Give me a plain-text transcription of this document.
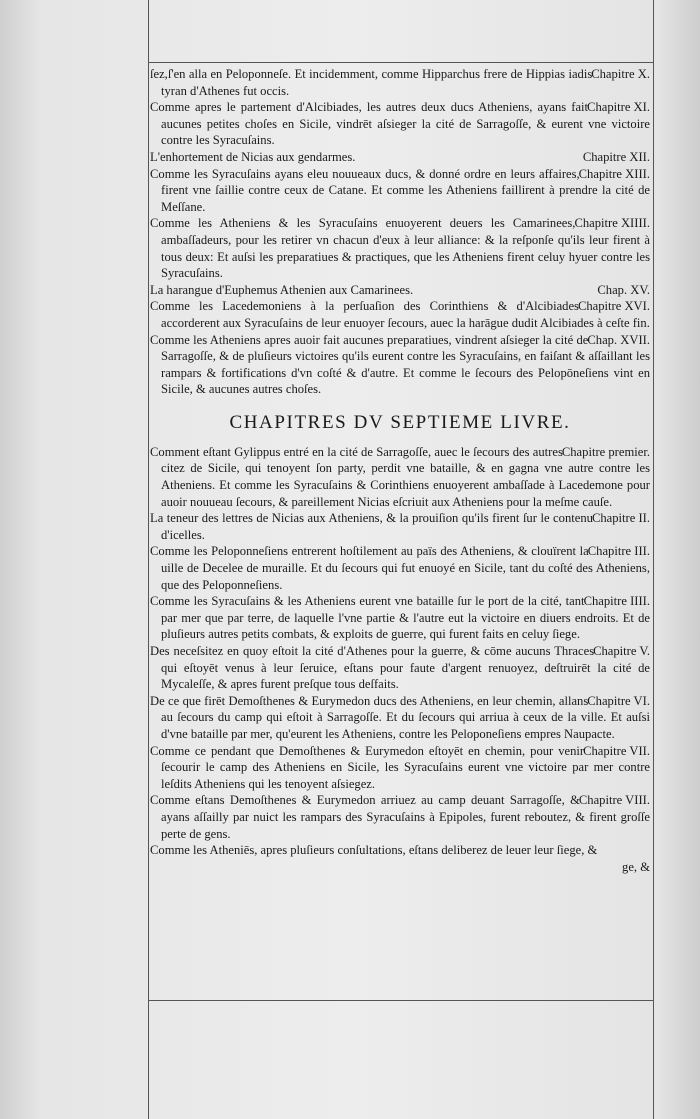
Chapitre X.
ſez,ſ'en alla en Peloponneſe. Et incidemment, comme Hipparchus frere de Hippias iadis tyran d'Athenes fut occis.

Chapitre XI.
Comme apres le partement d'Alcibiades, les autres deux ducs Atheniens, ayans fait aucunes petites choſes en Sicile, vindrēt aſsieger la cité de Sarragoſſe, & eurent vne victoire contre les Syracuſains.

Chapitre XII.
L'enhortement de Nicias aux gendarmes.

Chapitre XIII.
Comme les Syracuſains ayans eleu nouueaux ducs, & donné ordre en leurs affaires, firent vne ſaillie contre ceux de Catane. Et comme les Atheniens faillirent à prendre la cité de Meſſane.

Chapitre XIIII.
Comme les Atheniens & les Syracuſains enuoyerent deuers les Camarinees, ambaſſadeurs, pour les retirer vn chacun d'eux à leur alliance: & la reſponſe qu'ils leur firent à tous deux: Et auſsi les preparatiues & practiques, que les Atheniens firent celuy hyuer contre les Syracuſains.

Chap. XV.
La harangue d'Euphemus Athenien aux Camarinees.

Chapitre XVI.
Comme les Lacedemoniens à la perſuaſion des Corinthiens & d'Alcibiades accorderent aux Syracuſains de leur enuoyer ſecours, auec la harāgue dudit Alcibiades à ceſte fin.

Chap. XVII.
Comme les Atheniens apres auoir fait aucunes preparatiues, vindrent aſsieger la cité de Sarragoſſe, & de pluſieurs victoires qu'ils eurent contre les Syracuſains, en faiſant & aſſaillant les rampars & fortifications d'vn coſté & d'autre. Et comme le ſecours des Pelopōneſiens vint en Sicile, & aucunes autres choſes.

CHAPITRES DV SEPTIEME LIVRE.

Chapitre premier.
Comment eſtant Gylippus entré en la cité de Sarragoſſe, auec le ſecours des autres citez de Sicile, qui tenoyent ſon party, perdit vne bataille, & en gagna vne autre contre les Atheniens. Et comme les Syracuſains & Corinthiens enuoyerent ambaſſade à Lacedemone pour auoir nouueau ſecours, & pareillement Nicias eſcriuit aux Atheniens pour la meſme cauſe.

Chapitre II.
La teneur des lettres de Nicias aux Atheniens, & la prouiſion qu'ils firent ſur le contenu d'icelles.

Chapitre III.
Comme les Peloponneſiens entrerent hoſtilement au païs des Atheniens, & clouïrent la uille de Decelee de muraille. Et du ſecours qui fut enuoyé en Sicile, tant du coſté des Atheniens, que des Peloponneſiens.

Chapitre IIII.
Comme les Syracuſains & les Atheniens eurent vne bataille ſur le port de la cité, tant par mer que par terre, de laquelle l'vne partie & l'autre eut la victoire en diuers endroits. Et de pluſieurs autres petits combats, & exploits de guerre, qui furent faits en celuy ſiege.

Chapitre V.
Des neceſsitez en quoy eſtoit la cité d'Athenes pour la guerre, & cōme aucuns Thraces qui eſtoyēt venus à leur ſeruice, eſtans pour faute d'argent renuoyez, deſtruirēt la cité de Mycaleſſe, & apres furent preſque tous deſfaits.

Chapitre VI.
De ce que firēt Demoſthenes & Eurymedon ducs des Atheniens, en leur chemin, allans au ſecours du camp qui eſtoit à Sarragoſſe. Et du ſecours qui arriua à ceux de la ville. Et auſsi d'vne bataille par mer, qu'eurent les Atheniens, contre les Peloponeſiens empres Naupacte.

Chapitre VII.
Comme ce pendant que Demoſthenes & Eurymedon eſtoyēt en chemin, pour venir ſecourir le camp des Atheniens en Sicile, les Syracuſains eurent vne victoire par mer contre leſdits Atheniens qui les tenoyent aſsiegez.

Chapitre VIII.
Comme eſtans Demoſthenes & Eurymedon arriuez au camp deuant Sarragoſſe, & ayans aſſailly par nuict les rampars des Syracuſains à Epipoles, furent reboutez, & firent groſſe perte de gens.

Comme les Atheniēs, apres pluſieurs conſultations, eſtans deliberez de leuer leur ſiege, &

ge, &
